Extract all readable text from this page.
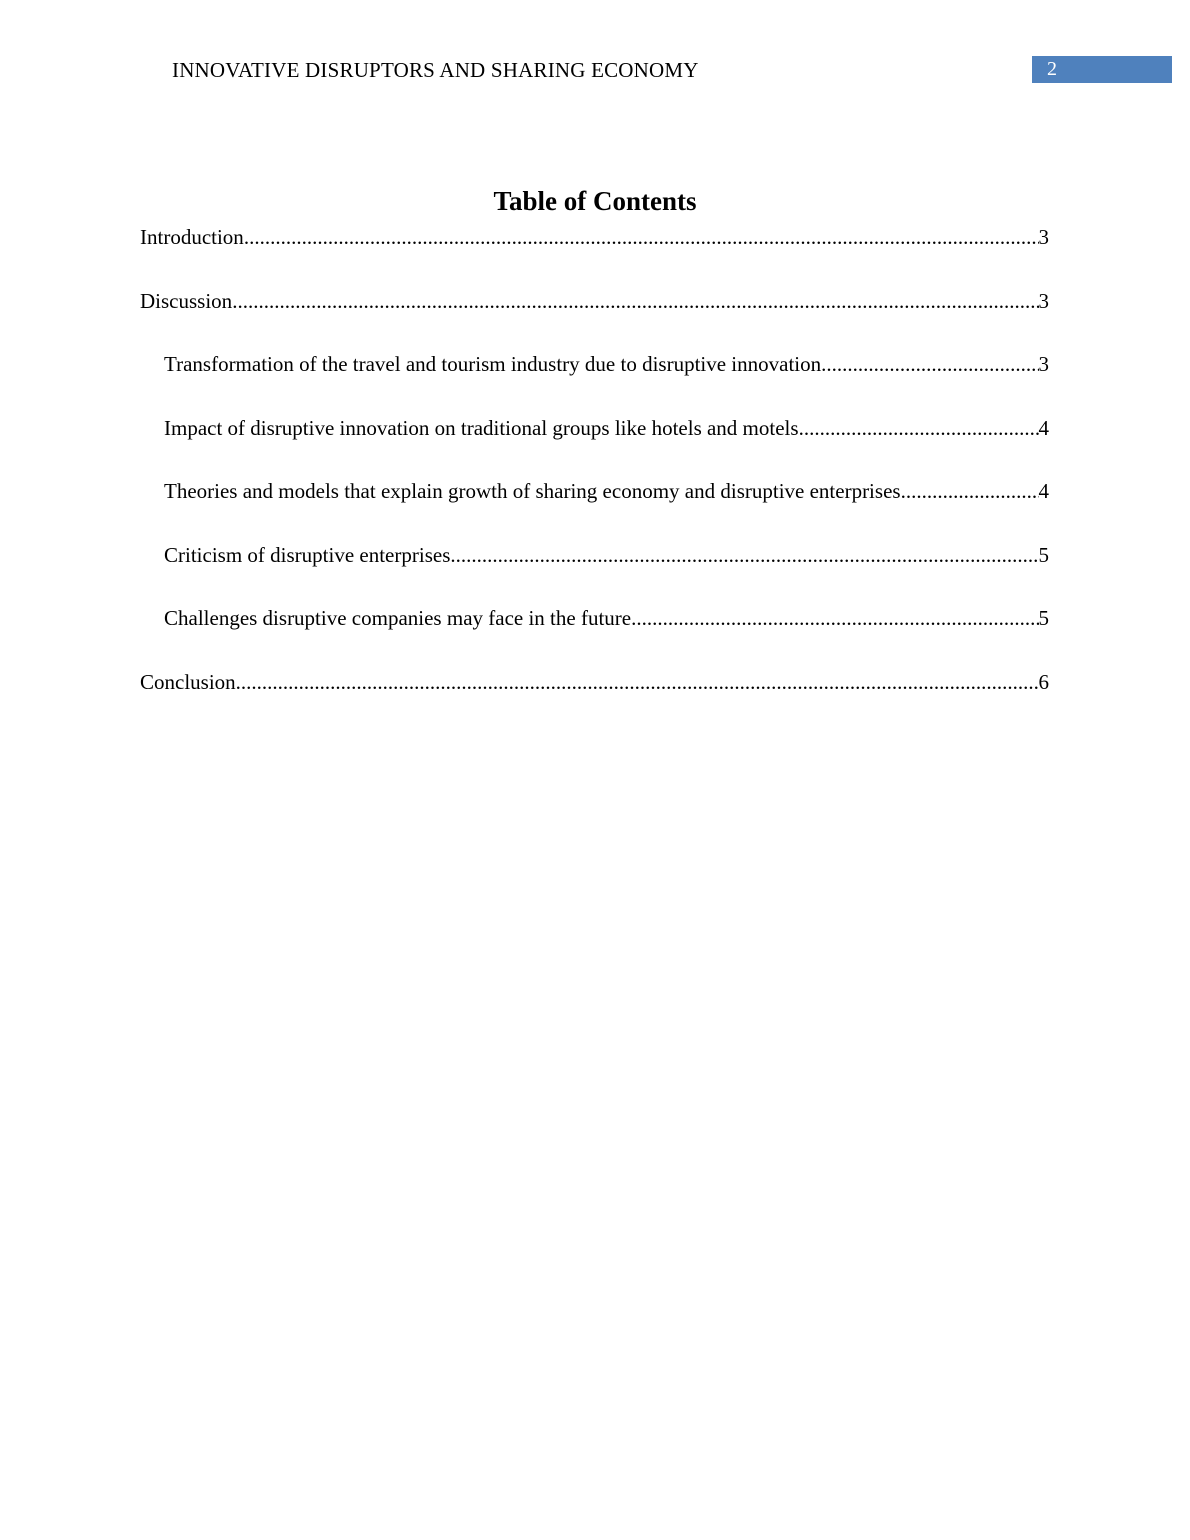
INNOVATIVE DISRUPTORS AND SHARING ECONOMY	2
Table of Contents
Introduction .....	3
Discussion .....	3
Transformation of the travel and tourism industry due to disruptive innovation .....	3
Impact of disruptive innovation on traditional groups like hotels and motels .....	4
Theories and models that explain growth of sharing economy and disruptive enterprises .....	4
Criticism of disruptive enterprises .....	5
Challenges disruptive companies may face in the future .....	5
Conclusion .....	6
